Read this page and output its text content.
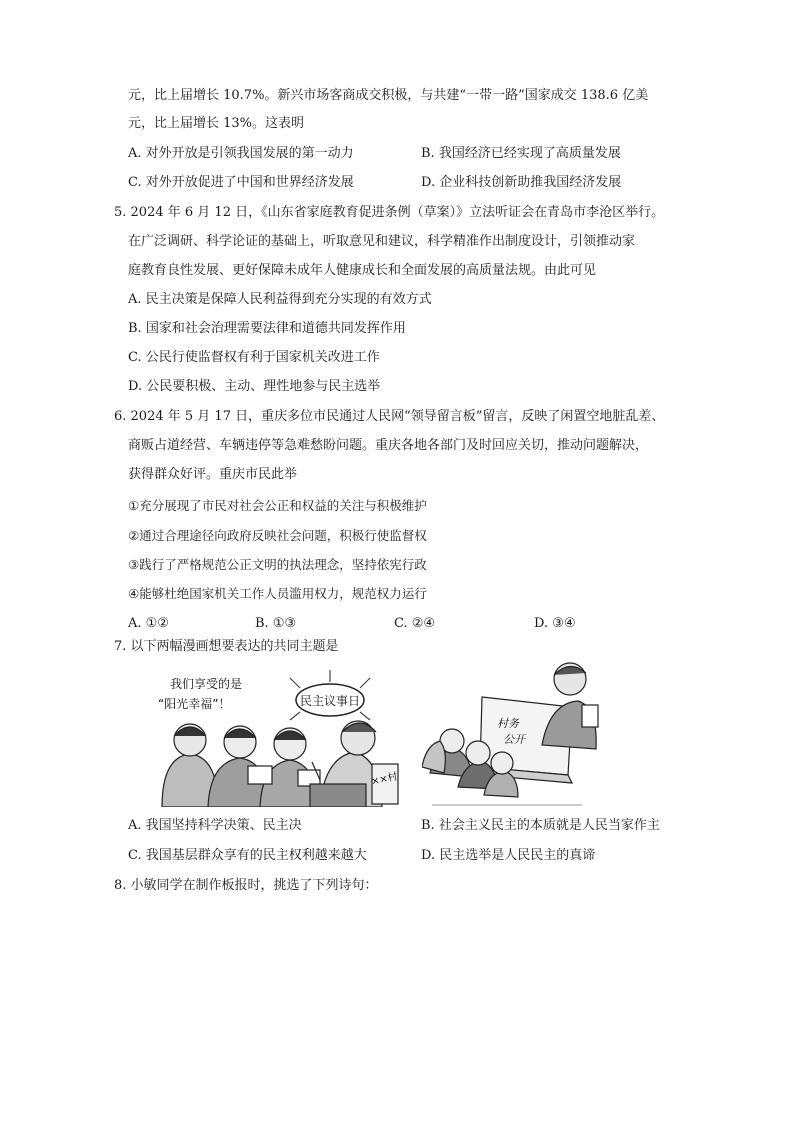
元，比上届增长 10.7%。新兴市场客商成交积极，与共建“一带一路”国家成交 138.6 亿美
元，比上届增长 13%。这表明
A. 对外开放是引领我国发展的第一动力	B. 我国经济已经实现了高质量发展
C. 对外开放促进了中国和世界经济发展	D. 企业科技创新助推我国经济发展
5. 2024 年 6 月 12 日，《山东省家庭教育促进条例（草案）》立法听证会在青岛市李沧区举行。
在广泛调研、科学论证的基础上，听取意见和建议，科学精准作出制度设计，引领推动家
庭教育良性发展、更好保障未成年人健康成长和全面发展的高质量法规。由此可见
A. 民主决策是保障人民利益得到充分实现的有效方式
B. 国家和社会治理需要法律和道德共同发挥作用
C. 公民行使监督权有利于国家机关改进工作
D. 公民要积极、主动、理性地参与民主选举
6. 2024 年 5 月 17 日，重庆多位市民通过人民网“领导留言板”留言，反映了闲置空地脏乱差、
商贩占道经营、车辆违停等急难愁盼问题。重庆各地各部门及时回应关切，推动问题解决，
获得群众好评。重庆市民此举
①充分展现了市民对社会公正和权益的关注与积极维护
②通过合理途径向政府反映社会问题，积极行使监督权
③践行了严格规范公正文明的执法理念，坚持依宪行政
④能够杜绝国家机关工作人员滥用权力，规范权力运行
A. ①②	B. ①③	C. ②④	D. ③④
7. 以下两幅漫画想要表达的共同主题是
我们享受的是
“阳光幸福”！	民主议事日
××村
村务
公开
A. 我国坚持科学决策、民主决	B. 社会主义民主的本质就是人民当家作主
C. 我国基层群众享有的民主权利越来越大	D. 民主选举是人民民主的真谛
8. 小敏同学在制作板报时，挑选了下列诗句：
